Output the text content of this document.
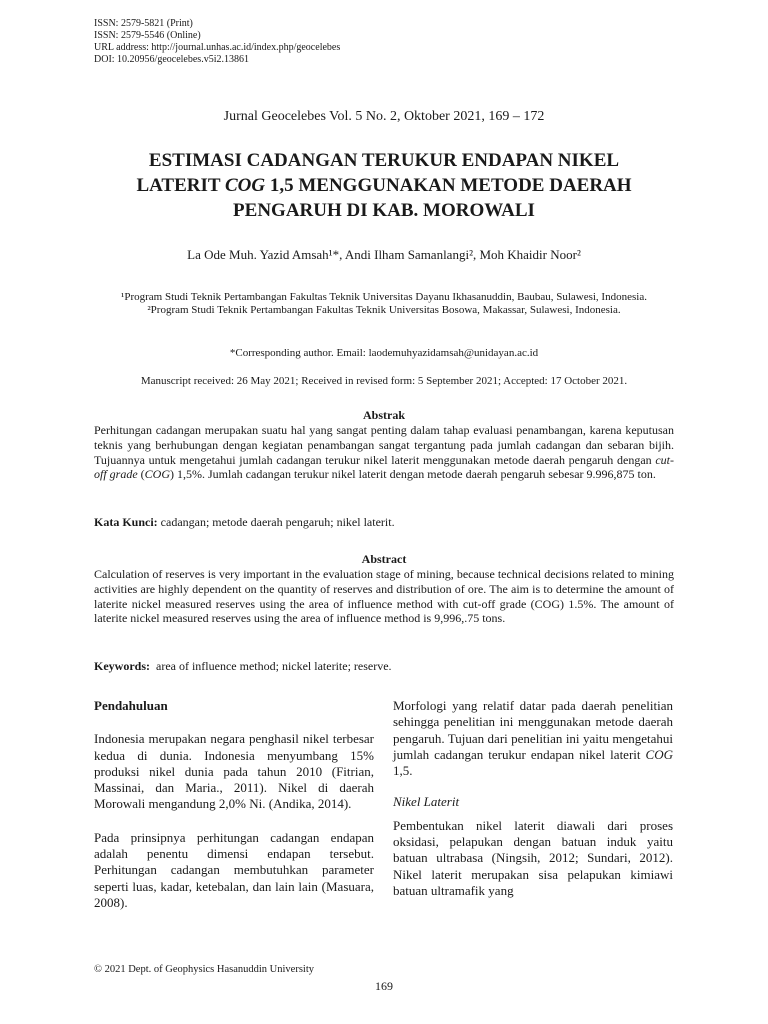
ISSN: 2579-5821 (Print)
ISSN: 2579-5546 (Online)
URL address: http://journal.unhas.ac.id/index.php/geocelebes
DOI: 10.20956/geocelebes.v5i2.13861
Jurnal Geocelebes Vol. 5 No. 2, Oktober 2021, 169 – 172
ESTIMASI CADANGAN TERUKUR ENDAPAN NIKEL
LATERIT COG 1,5 MENGGUNAKAN METODE DAERAH
PENGARUH DI KAB. MOROWALI
La Ode Muh. Yazid Amsah¹*, Andi Ilham Samanlangi², Moh Khaidir Noor²
¹Program Studi Teknik Pertambangan Fakultas Teknik Universitas Dayanu Ikhasanuddin, Baubau, Sulawesi, Indonesia.
²Program Studi Teknik Pertambangan Fakultas Teknik Universitas Bosowa, Makassar, Sulawesi, Indonesia.
*Corresponding author. Email: laodemuhyazidamsah@unidayan.ac.id
Manuscript received: 26 May 2021; Received in revised form: 5 September 2021; Accepted: 17 October 2021.
Abstrak
Perhitungan cadangan merupakan suatu hal yang sangat penting dalam tahap evaluasi penambangan, karena keputusan teknis yang berhubungan dengan kegiatan penambangan sangat tergantung pada jumlah cadangan dan sebaran bijih. Tujuannya untuk mengetahui jumlah cadangan terukur nikel laterit menggunakan metode daerah pengaruh dengan cut-off grade (COG) 1,5%. Jumlah cadangan terukur nikel laterit dengan metode daerah pengaruh sebesar 9.996,875 ton.
Kata Kunci: cadangan; metode daerah pengaruh; nikel laterit.
Abstract
Calculation of reserves is very important in the evaluation stage of mining, because technical decisions related to mining activities are highly dependent on the quantity of reserves and distribution of ore. The aim is to determine the amount of laterite nickel measured reserves using the area of influence method with cut-off grade (COG) 1.5%. The amount of laterite nickel measured reserves using the area of influence method is 9,996,.75 tons.
Keywords:  area of influence method; nickel laterite; reserve.

Pendahuluan

Indonesia merupakan negara penghasil nikel terbesar kedua di dunia. Indonesia menyumbang 15% produksi nikel dunia pada tahun 2010 (Fitrian, Massinai, dan Maria., 2011). Nikel di daerah Morowali mengandung 2,0% Ni. (Andika, 2014).

Pada prinsipnya perhitungan cadangan endapan adalah penentu dimensi endapan tersebut. Perhitungan cadangan membutuhkan parameter seperti luas, kadar, ketebalan, dan lain lain (Masuara, 2008).

Morfologi yang relatif datar pada daerah penelitian sehingga penelitian ini menggunakan metode daerah pengaruh. Tujuan dari penelitian ini yaitu mengetahui jumlah cadangan terukur endapan nikel laterit COG 1,5.

Nikel Laterit

Pembentukan nikel laterit diawali dari proses oksidasi, pelapukan dengan batuan induk yaitu batuan ultrabasa (Ningsih, 2012; Sundari, 2012). Nikel laterit merupakan sisa pelapukan kimiawi batuan ultramafik yang

© 2021 Dept. of Geophysics Hasanuddin University
169
